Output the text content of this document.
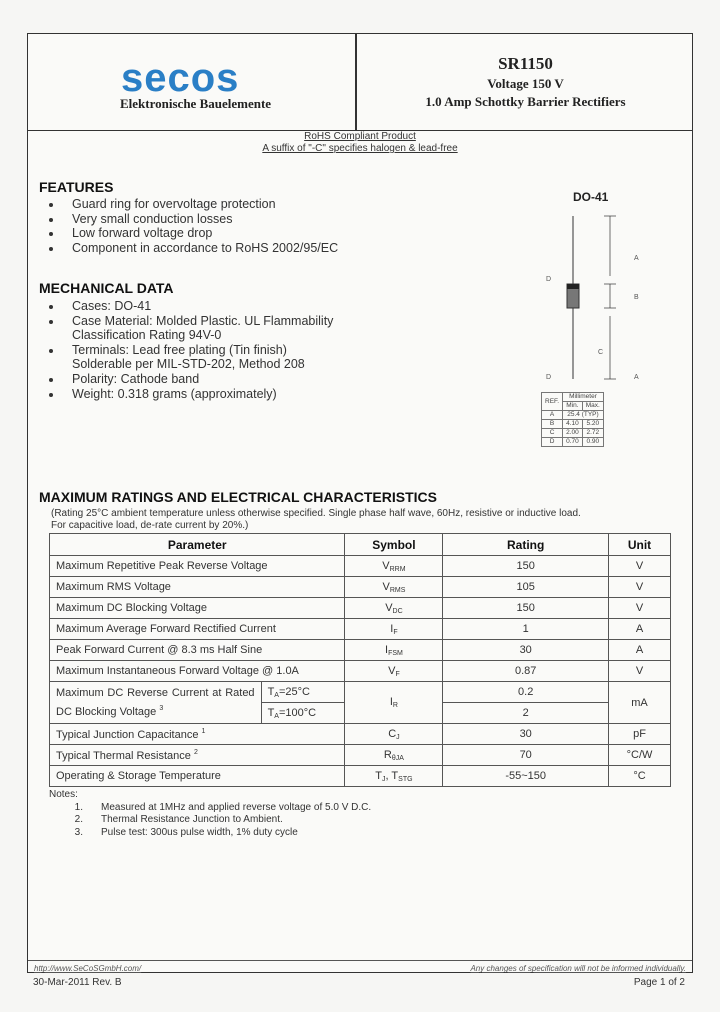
secos
Elektronische Bauelemente
SR1150
Voltage 150 V
1.0 Amp Schottky Barrier Rectifiers
RoHS Compliant Product
A suffix of "-C" specifies halogen & lead-free
FEATURES
Guard ring for overvoltage protection
Very small conduction losses
Low forward voltage drop
Component in accordance to RoHS 2002/95/EC
MECHANICAL DATA
Cases: DO-41
Case Material: Molded Plastic. UL Flammability
Classification Rating 94V-0
Terminals: Lead free plating (Tin finish)
Solderable per MIL-STD-202, Method 208
Polarity: Cathode band
Weight: 0.318 grams (approximately)
DO-41
A
B
A
D
C
D
REF.	Millimeter	
	Min.	Max.
A	25.4 (TYP)	
B	4.10	5.20
C	2.00	2.72
D	0.70	0.90
MAXIMUM RATINGS AND ELECTRICAL CHARACTERISTICS
(Rating 25°C ambient temperature unless otherwise specified. Single phase half wave, 60Hz, resistive or inductive load.
For capacitive load, de-rate current by 20%.)
Parameter		Symbol	Rating	Unit
Maximum Repetitive Peak Reverse Voltage		$V_{RRM}$	150	V
Maximum RMS Voltage		$V_{RMS}$	105	V
Maximum DC Blocking Voltage		$V_{DC}$	150	V
Maximum Average Forward Rectified Current		$I_F$	1	A
Peak Forward Current @ 8.3 ms Half Sine		$I_{FSM}$	30	A
Maximum Instantaneous Forward Voltage @ 1.0A		$V_F$	0.87	V

Maximum DC Reverse Current at Rated
DC Blocking Voltage $^3$	$T_A=25^\circ C$	$I_R$	0.2	mA
	$T_A=100^\circ C$		2	
Typical Junction Capacitance $^1$		$C_J$	30	pF
Typical Thermal Resistance $^2$		$R_{\theta JA}$	70	°C/W
Operating & Storage Temperature		$T_J$, $T_{STG}$	-55~150	°C
Notes:
1.	Measured at 1MHz and applied reverse voltage of 5.0 V D.C.
2.	Thermal Resistance Junction to Ambient.
3.	Pulse test: 300us pulse width, 1% duty cycle
http://www.SeCoSGmbH.com/	Any changes of specification will not be informed individually.
30-Mar-2011 Rev. B	Page 1 of 2
